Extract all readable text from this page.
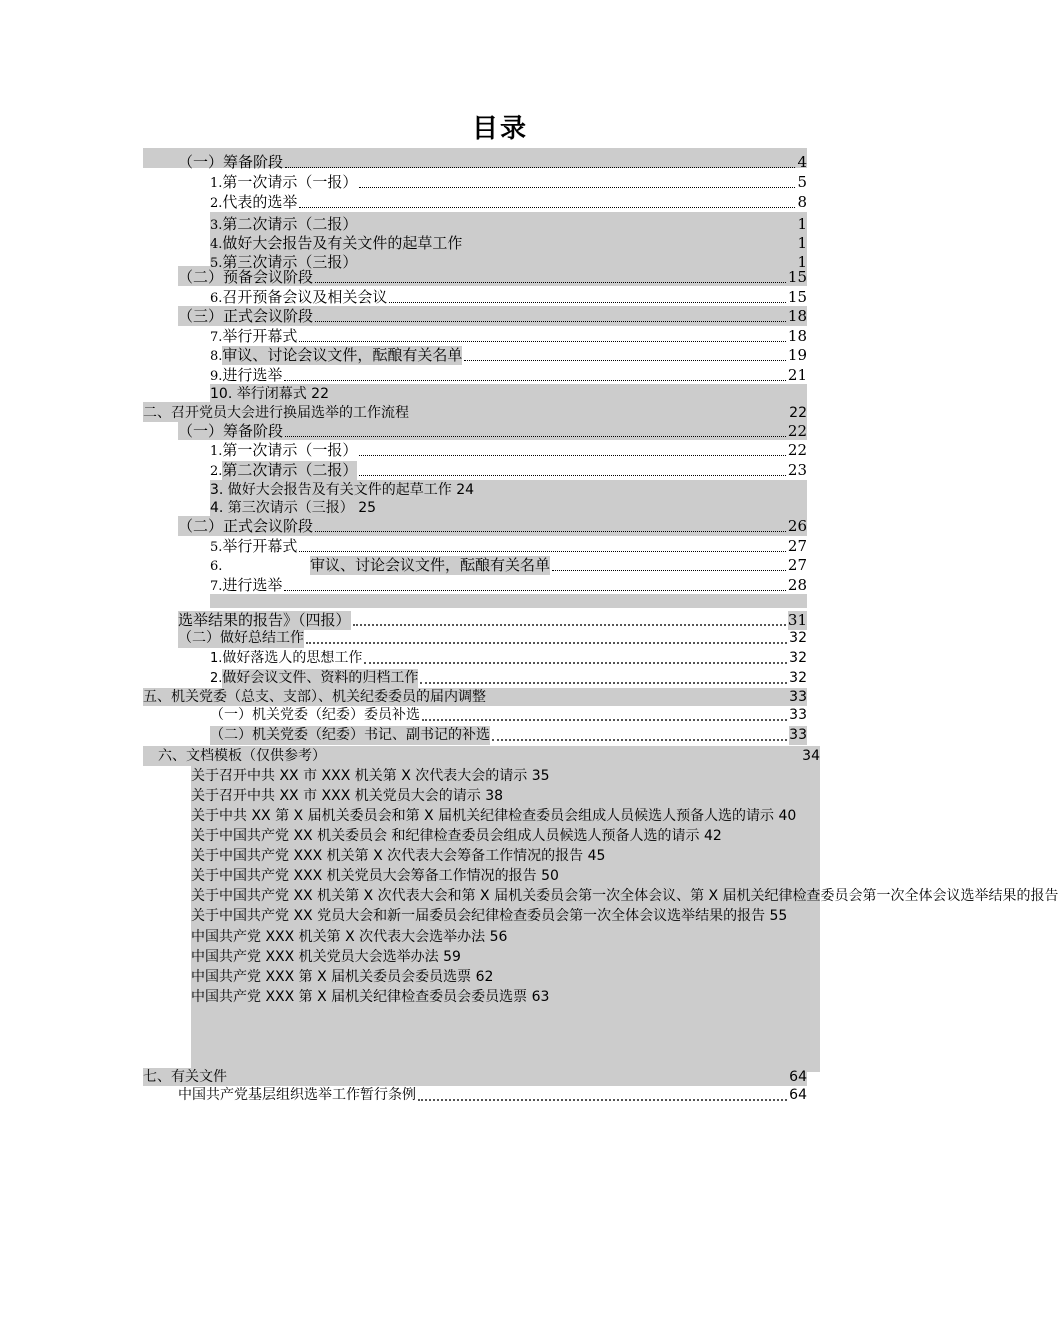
目录
（一）筹备阶段	4
1. 第一次请示（一报）	5
2. 代表的选举	8
3. 第二次请示（二报）	1
4. 做好大会报告及有关文件的起草工作	1
5. 第三次请示（三报）	1
（二）预备会议阶段	15
6. 召开预备会议及相关会议	15
（三）正式会议阶段	18
7. 举行开幕式	18
8. 审议、讨论会议文件，酝酿有关名单	19
9. 进行选举	21
10. 举行闭幕式 22
二、召开党员大会进行换届选举的工作流程	22
（一）筹备阶段	22
1. 第一次请示（一报）	22
2. 第二次请示（二报）	23
3. 做好大会报告及有关文件的起草工作 24
4. 第三次请示（三报） 25
（二）正式会议阶段	26
5. 举行开幕式	27
6.	审议、讨论会议文件，酝酿有关名单	27
7. 进行选举	28
选举结果的报告》（四报）	31
（二）做好总结工作	32
1. 做好落选人的思想工作	32
2. 做好会议文件、资料的归档工作	32
五、机关党委（总支、支部）、机关纪委委员的届内调整	33
（一）机关党委（纪委）委员补选	33
（二）机关党委（纪委）书记、副书记的补选	33
六、文档模板（仅供参考）	34
关于召开中共 XX 市 XXX 机关第 X 次代表大会的请示 35
关于召开中共 XX 市 XXX 机关党员大会的请示 38
关于中共 XX 第 X 届机关委员会和第 X 届机关纪律检查委员会组成人员候选人预备人选的请示 40
关于中国共产党 XX 机关委员会 和纪律检查委员会组成人员候选人预备人选的请示 42
关于中国共产党 XXX 机关第 X 次代表大会筹备工作情况的报告 45
关于中国共产党 XXX 机关党员大会筹备工作情况的报告 50
关于中国共产党 XX 机关第 X 次代表大会和第 X 届机关委员会第一次全体会议、第 X 届机关纪律检查委员会第一次全体会议选举结果的报告
关于中国共产党 XX 党员大会和新一届委员会纪律检查委员会第一次全体会议选举结果的报告 55
中国共产党 XXX 机关第 X 次代表大会选举办法 56
中国共产党 XXX 机关党员大会选举办法 59
中国共产党 XXX 第 X 届机关委员会委员选票 62
中国共产党 XXX 第 X 届机关纪律检查委员会委员选票 63
七、有关文件	64
中国共产党基层组织选举工作暂行条例	64
